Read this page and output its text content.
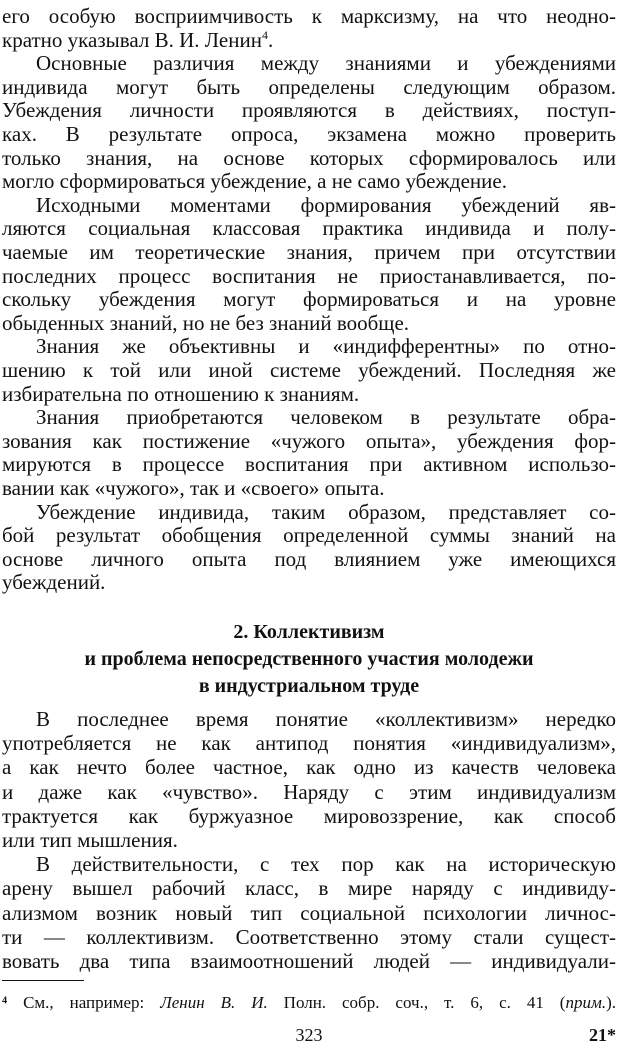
его особую восприимчивость к марксизму, на что неодно-
кратно указывал В. И. Ленин$^4$.
Основные различия между знаниями и убеждениями
индивида могут быть определены следующим образом.
Убеждения личности проявляются в действиях, поступ-
ках. В результате опроса, экзамена можно проверить
только знания, на основе которых сформировалось или
могло сформироваться убеждение, а не само убеждение.
Исходными моментами формирования убеждений яв-
ляются социальная классовая практика индивида и полу-
чаемые им теоретические знания, причем при отсутствии
последних процесс воспитания не приостанавливается, по-
скольку убеждения могут формироваться и на уровне
обыденных знаний, но не без знаний вообще.
Знания же объективны и «индифферентны» по отно-
шению к той или иной системе убеждений. Последняя же
избирательна по отношению к знаниям.
Знания приобретаются человеком в результате обра-
зования как постижение «чужого опыта», убеждения фор-
мируются в процессе воспитания при активном использо-
вании как «чужого», так и «своего» опыта.
Убеждение индивида, таким образом, представляет со-
бой результат обобщения определенной суммы знаний на
основе личного опыта под влиянием уже имеющихся
убеждений.
2. Коллективизм
и проблема непосредственного участия молодежи
в индустриальном труде
В последнее время понятие «коллективизм» нередко
употребляется не как антипод понятия «индивидуализм»,
а как нечто более частное, как одно из качеств человека
и даже как «чувство». Наряду с этим индивидуализм
трактуется как буржуазное мировоззрение, как способ
или тип мышления.
В действительности, с тех пор как на историческую
арену вышел рабочий класс, в мире наряду с индивиду-
ализмом возник новый тип социальной психологии личнос-
ти — коллективизм. Соответственно этому стали сущест-
вовать два типа взаимоотношений людей — индивидуали-
⁴ См., например: Ленин В. И. Полн. собр. соч., т. 6, с. 41 (прим.).
323	21*
